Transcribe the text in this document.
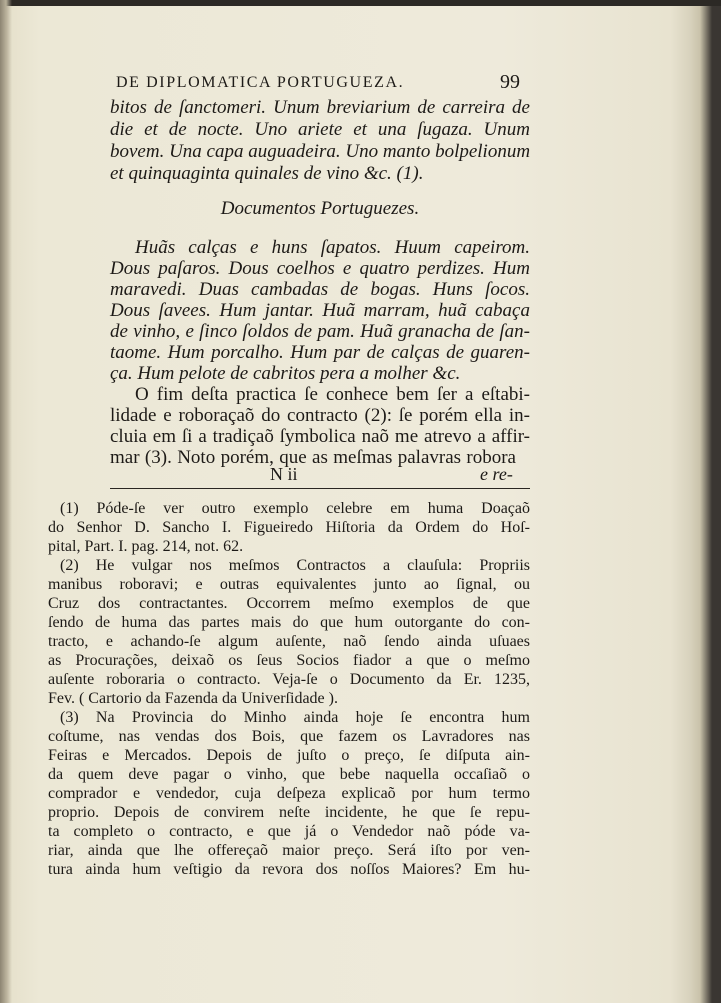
DE DIPLOMATICA PORTUGUEZA.	99
bitos de ſanctomeri. Unum breviarium de carreira de
die et de nocte. Uno ariete et una ſugaza. Unum
bovem. Una capa auguadeira. Uno manto bolpelionum
et quinquaginta quinales de vino &c. (1).
Documentos Portuguezes.
Huãs calças e huns ſapatos. Huum capeirom.
Dous paſaros. Dous coelhos e quatro perdizes. Hum
maravedi. Duas cambadas de bogas. Huns ſocos.
Dous ſavees. Hum jantar. Huã marram, huã cabaça
de vinho, e ſinco ſoldos de pam. Huã granacha de ſan-
taome. Hum porcalho. Hum par de calças de guaren-
ça. Hum pelote de cabritos pera a molher &c.
O fim deſta practica ſe conhece bem ſer a eſtabi-
lidade e roboraçaõ do contracto (2): ſe porém ella in-
cluia em ſi a tradiçaõ ſymbolica naõ me atrevo a affir-
mar (3). Noto porém, que as meſmas palavras robora
N ii	e re-
(1) Póde-ſe ver outro exemplo celebre em huma Doaçaõ
do Senhor D. Sancho I. Figueiredo Hiſtoria da Ordem do Hoſ-
pital, Part. I. pag. 214, not. 62.
(2) He vulgar nos meſmos Contractos a clauſula: Propriis
manibus roboravi; e outras equivalentes junto ao ſignal, ou
Cruz dos contractantes. Occorrem meſmo exemplos de que
ſendo de huma das partes mais do que hum outorgante do con-
tracto, e achando-ſe algum auſente, naõ ſendo ainda uſuaes
as Procurações, deixaõ os ſeus Socios fiador a que o meſmo
auſente roboraria o contracto. Veja-ſe o Documento da Er. 1235,
Fev. ( Cartorio da Fazenda da Univerſidade ).
(3) Na Provincia do Minho ainda hoje ſe encontra hum
coſtume, nas vendas dos Bois, que fazem os Lavradores nas
Feiras e Mercados. Depois de juſto o preço, ſe diſputa ain-
da quem deve pagar o vinho, que bebe naquella occaſiaõ o
comprador e vendedor, cuja deſpeza explicaõ por hum termo
proprio. Depois de convirem neſte incidente, he que ſe repu-
ta completo o contracto, e que já o Vendedor naõ póde va-
riar, ainda que lhe offereçaõ maior preço. Será iſto por ven-
tura ainda hum veſtigio da revora dos noſſos Maiores? Em hu-
